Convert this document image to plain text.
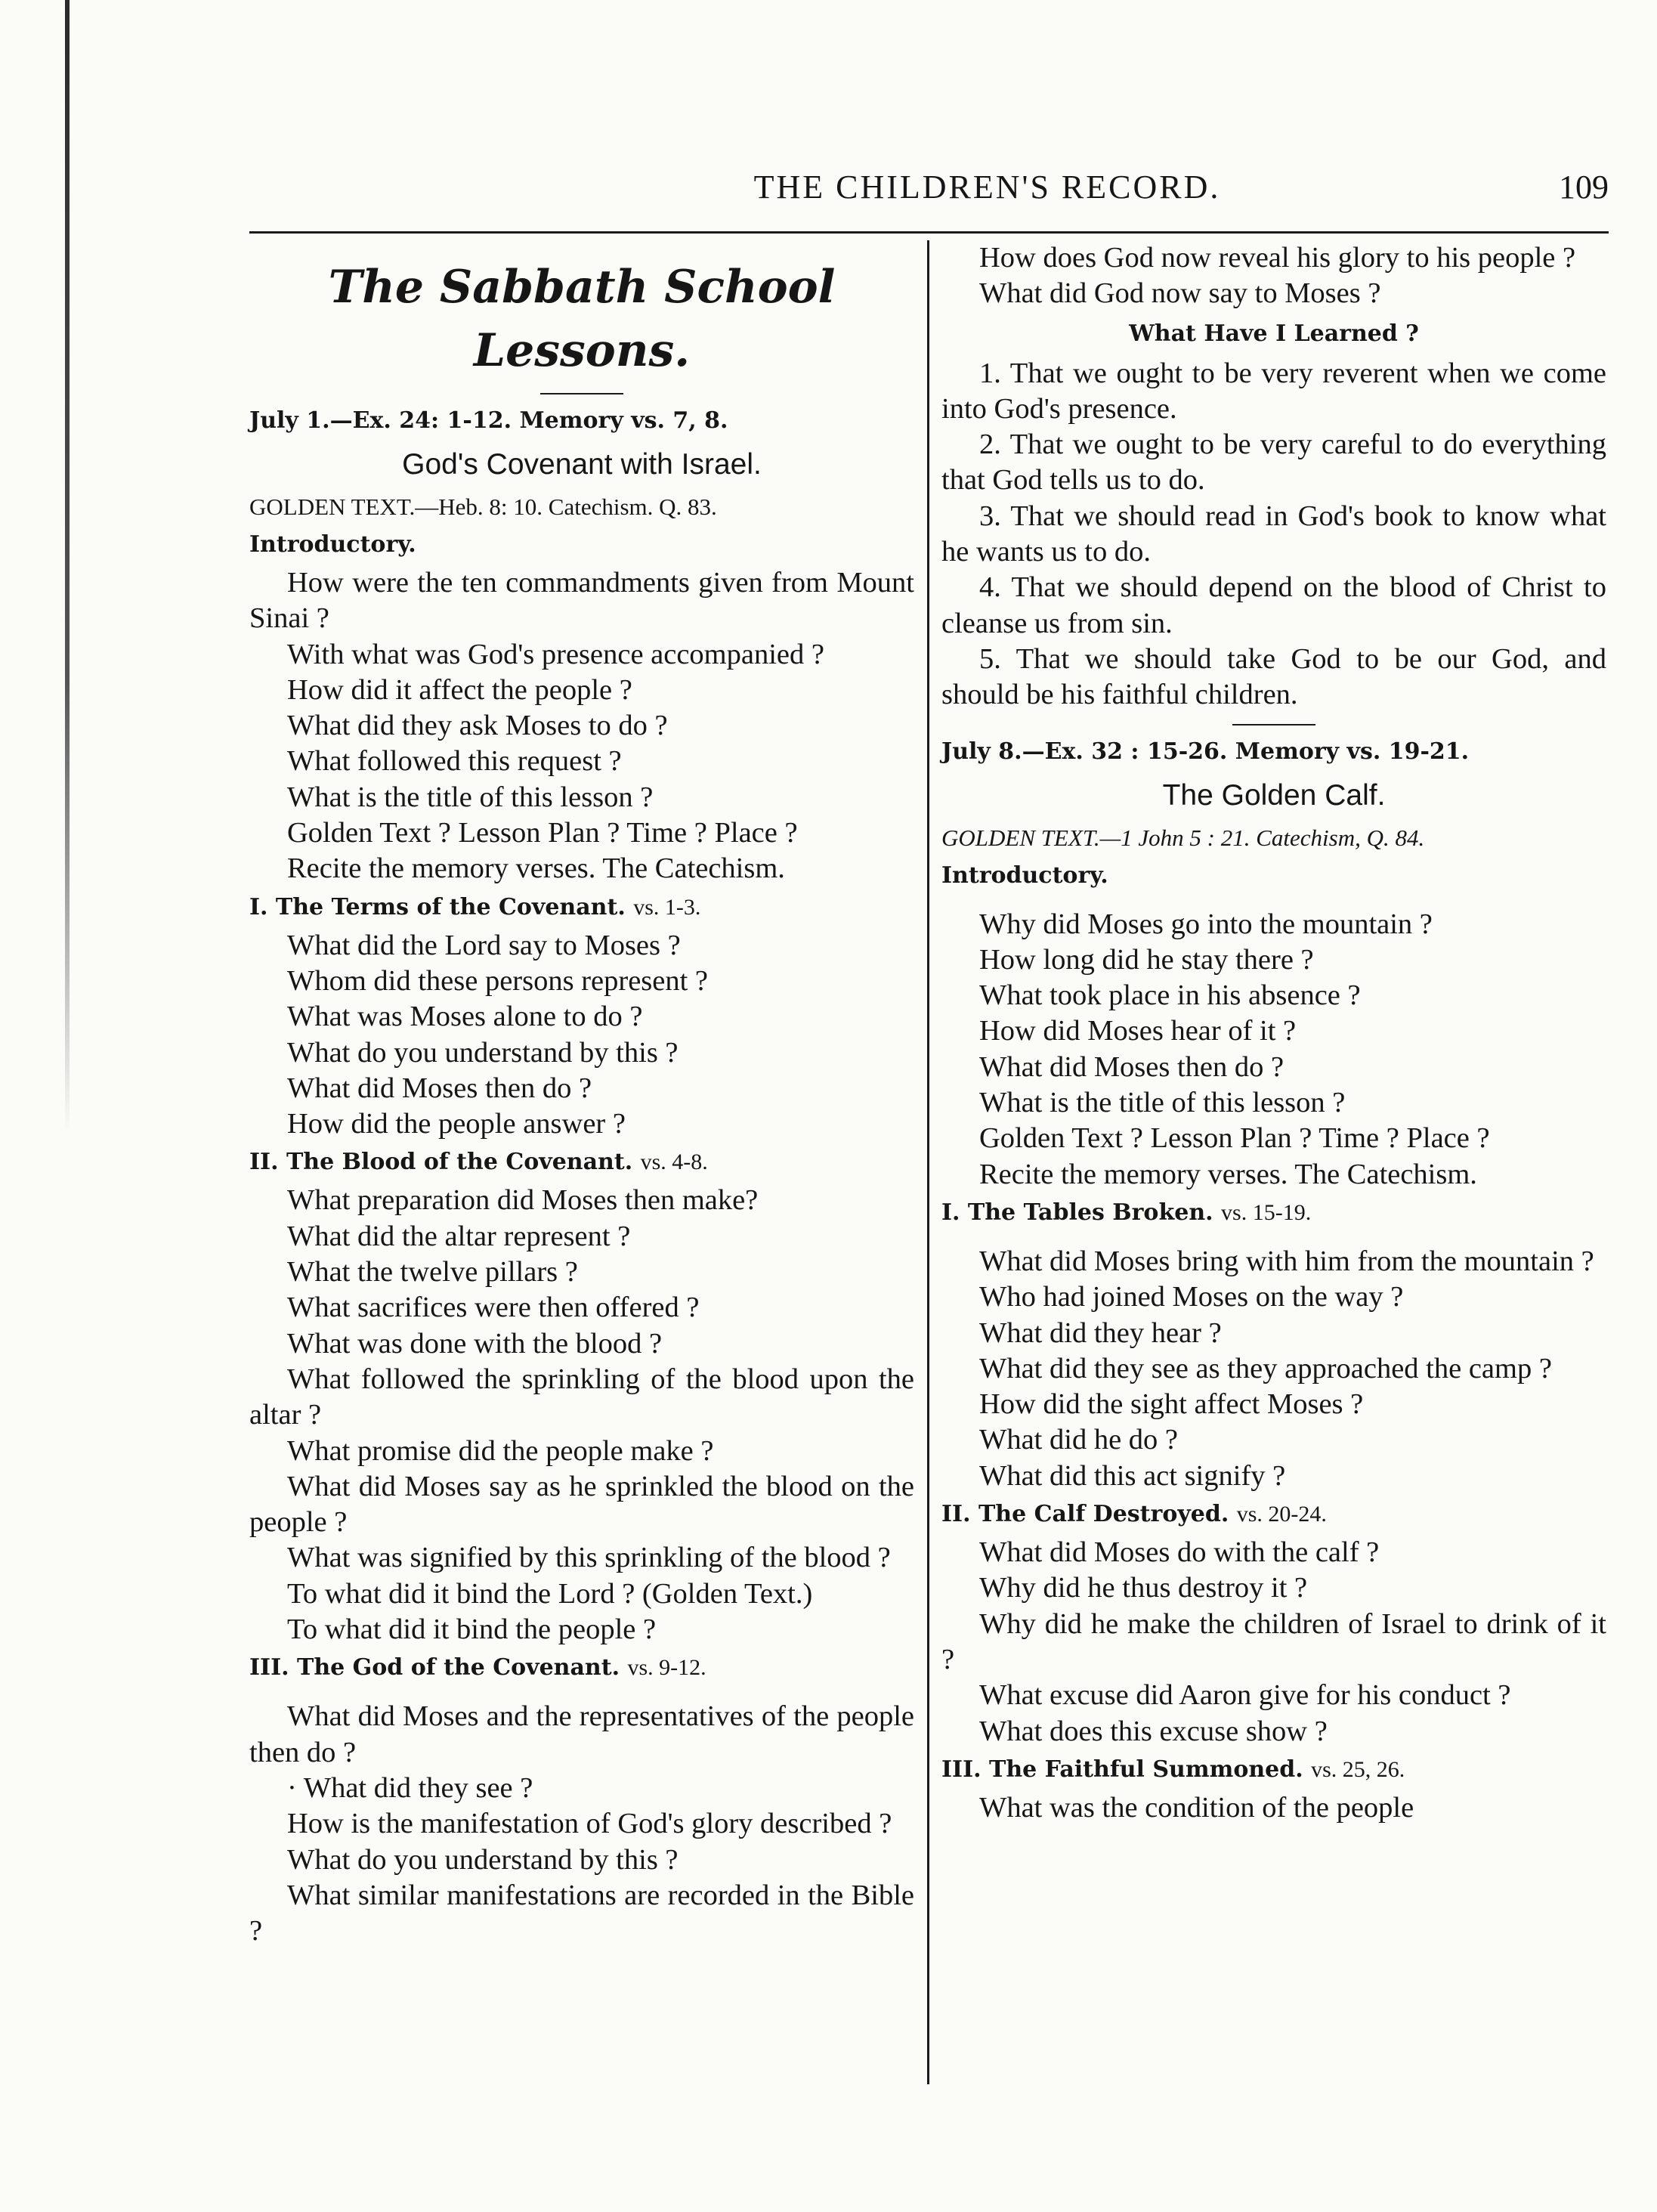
THE CHILDREN'S RECORD.	109
The Sabbath School Lessons.
July 1.—Ex. 24: 1-12. Memory vs. 7, 8.
God's Covenant with Israel.
GOLDEN TEXT.—Heb. 8: 10. Catechism. Q. 83.
Introductory.
How were the ten commandments given from Mount Sinai ?
With what was God's presence accompanied ?
How did it affect the people ?
What did they ask Moses to do ?
What followed this request ?
What is the title of this lesson ?
Golden Text ? Lesson Plan ? Time ? Place ?
Recite the memory verses. The Catechism.
I. The Terms of the Covenant. vs. 1-3.
What did the Lord say to Moses ?
Whom did these persons represent ?
What was Moses alone to do ?
What do you understand by this ?
What did Moses then do ?
How did the people answer ?
II. The Blood of the Covenant. vs. 4-8.
What preparation did Moses then make?
What did the altar represent ?
What the twelve pillars ?
What sacrifices were then offered ?
What was done with the blood ?
What followed the sprinkling of the blood upon the altar ?
What promise did the people make ?
What did Moses say as he sprinkled the blood on the people ?
What was signified by this sprinkling of the blood ?
To what did it bind the Lord ? (Golden Text.)
To what did it bind the people ?
III. The God of the Covenant. vs. 9-12.
What did Moses and the representatives of the people then do ?
· What did they see ?
How is the manifestation of God's glory described ?
What do you understand by this ?
What similar manifestations are recorded in the Bible ?
How does God now reveal his glory to his people ?
What did God now say to Moses ?
What Have I Learned ?
1. That we ought to be very reverent when we come into God's presence.
2. That we ought to be very careful to do everything that God tells us to do.
3. That we should read in God's book to know what he wants us to do.
4. That we should depend on the blood of Christ to cleanse us from sin.
5. That we should take God to be our God, and should be his faithful children.
July 8.—Ex. 32 : 15-26. Memory vs. 19-21.
The Golden Calf.
GOLDEN TEXT.—1 John 5 : 21. Catechism, Q. 84.
Introductory.
Why did Moses go into the mountain ?
How long did he stay there ?
What took place in his absence ?
How did Moses hear of it ?
What did Moses then do ?
What is the title of this lesson ?
Golden Text ? Lesson Plan ? Time ? Place ?
Recite the memory verses. The Catechism.
I. The Tables Broken. vs. 15-19.
What did Moses bring with him from the mountain ?
Who had joined Moses on the way ?
What did they hear ?
What did they see as they approached the camp ?
How did the sight affect Moses ?
What did he do ?
What did this act signify ?
II. The Calf Destroyed. vs. 20-24.
What did Moses do with the calf ?
Why did he thus destroy it ?
Why did he make the children of Israel to drink of it ?
What excuse did Aaron give for his conduct ?
What does this excuse show ?
III. The Faithful Summoned. vs. 25, 26.
What was the condition of the people
